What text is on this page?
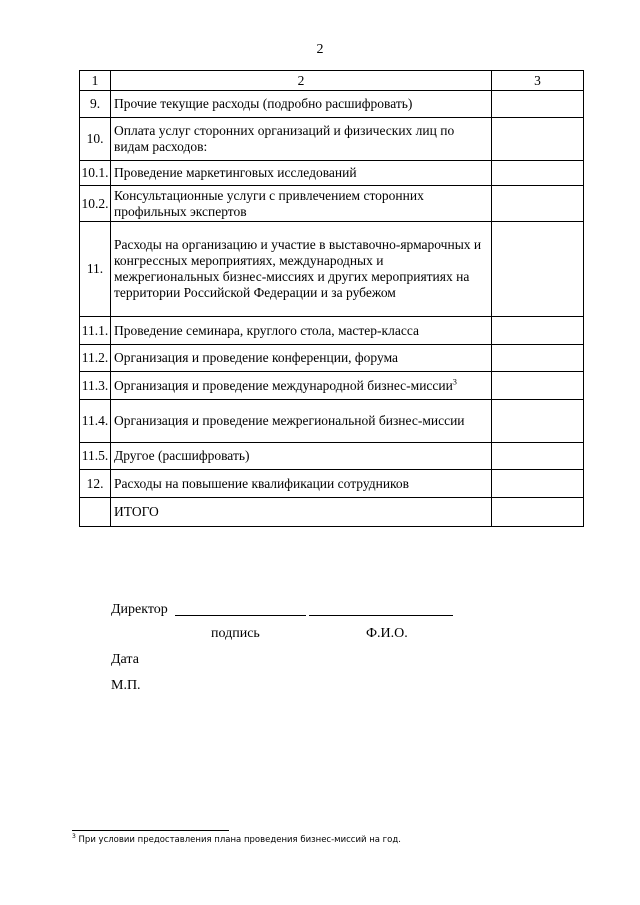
2
1	2	3
9.	Прочие текущие расходы (подробно расшифровать)	
10.	Оплата услуг сторонних организаций и физических лиц по видам расходов:	
10.1.	Проведение маркетинговых исследований	
10.2.	Консультационные услуги с привлечением сторонних профильных экспертов	
11.	Расходы на организацию и участие в выставочно-ярмарочных и конгрессных мероприятиях, международных и межрегиональных бизнес-миссиях и других мероприятиях на территории Российской Федерации и за рубежом	
11.1.	Проведение семинара, круглого стола, мастер-класса	
11.2.	Организация и проведение конференции, форума	
11.3.	Организация и проведение международной бизнес-миссии$^3$	
11.4.	Организация и проведение межрегиональной бизнес-миссии	
11.5.	Другое (расшифровать)	
12.	Расходы на повышение квалификации сотрудников	
	ИТОГО	
Директор
подпись	Ф.И.О.
Дата
М.П.
$^3$ При условии предоставления плана проведения бизнес-миссий на год.
